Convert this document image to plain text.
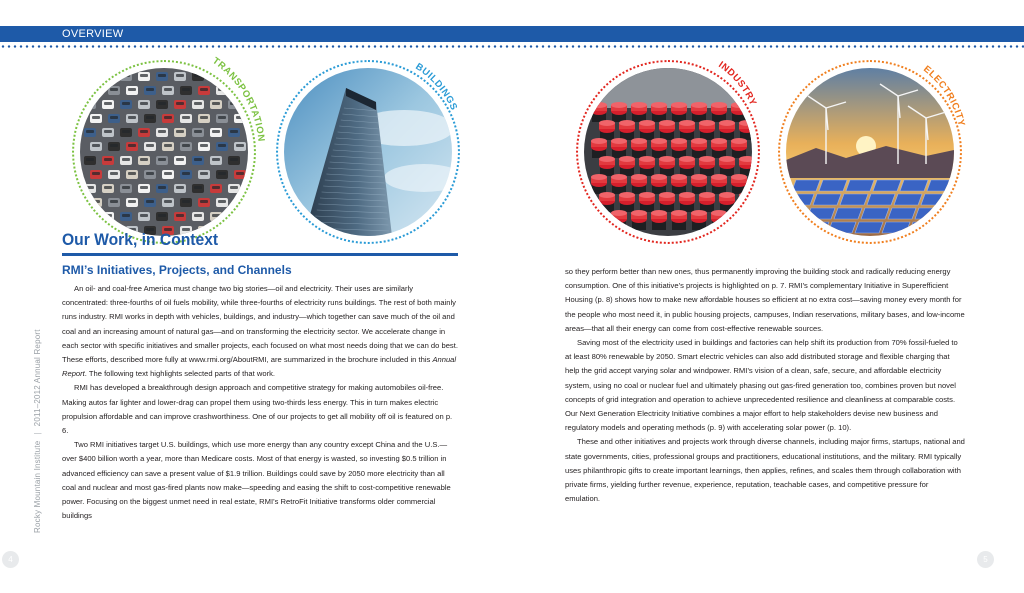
OVERVIEW
TRANSPORTATION
BUILDINGS
INDUSTRY
ELECTRICITY
Our Work, in Context
RMI’s Initiatives, Projects, and Channels

An oil- and coal-free America must change two big stories—oil and electricity. Their uses are similarly concentrated: three-fourths of oil fuels mobility, while three-fourths of electricity runs buildings. The rest of both mainly runs industry. RMI works in depth with vehicles, buildings, and industry—which together can save much of the oil and coal and an increasing amount of natural gas—and on transforming the electricity sector. We accelerate change in each sector with specific initiatives and smaller projects, each focused on what most needs doing that we can do best. These efforts, described more fully at www.rmi.org/AboutRMI, are summarized in the brochure included in this Annual Report. The following text highlights selected parts of that work.

RMI has developed a breakthrough design approach and competitive strategy for making automobiles oil-free. Making autos far lighter and lower-drag can propel them using two-thirds less energy. This in turn makes electric propulsion affordable and can improve crashworthiness. One of our projects to get all mobility off oil is featured on p. 6.

Two RMI initiatives target U.S. buildings, which use more energy than any country except China and the U.S.—over $400 billion worth a year, more than Medicare costs. Most of that energy is wasted, so investing $0.5 trillion in advanced efficiency can save a present value of $1.9 trillion. Buildings could save by 2050 more electricity than all coal and nuclear and most gas-fired plants now make—speeding and easing the shift to cost-competitive renewable power. Focusing on the biggest unmet need in real estate, RMI’s RetroFit Initiative transforms older commercial buildings

so they perform better than new ones, thus permanently improving the building stock and radically reducing energy consumption. One of this initiative’s projects is highlighted on p. 7. RMI’s complementary Initiative in Superefficient Housing (p. 8) shows how to make new affordable houses so efficient at no extra cost—saving money every month for the people who most need it, in public housing projects, campuses, Indian reservations, military bases, and low-income areas—that all their energy can come from cost-effective renewable sources.

Saving most of the electricity used in buildings and factories can help shift its production from 70% fossil-fueled to at least 80% renewable by 2050. Smart electric vehicles can also add distributed storage and flexible charging that help the grid accept varying solar and windpower. RMI’s vision of a clean, safe, secure, and affordable electricity system, using no coal or nuclear fuel and ultimately phasing out gas-fired generation too, combines proven but novel concepts of grid integration and operation to achieve unprecedented resilience and cleanliness at comparable costs. Our Next Generation Electricity Initiative combines a major effort to help stakeholders devise new business and regulatory models and operating methods (p. 9) with accelerating solar power (p. 10).

These and other initiatives and projects work through diverse channels, including major firms, startups, national and state governments, cities, professional groups and practitioners, educational institutions, and the military. RMI typically uses philanthropic gifts to create important learnings, then applies, refines, and scales them through collaboration with private firms, yielding further revenue, experience, reputation, teachable cases, and competitive pressure for emulation.

Rocky Mountain Institute|2011–2012 Annual Report
4	5
